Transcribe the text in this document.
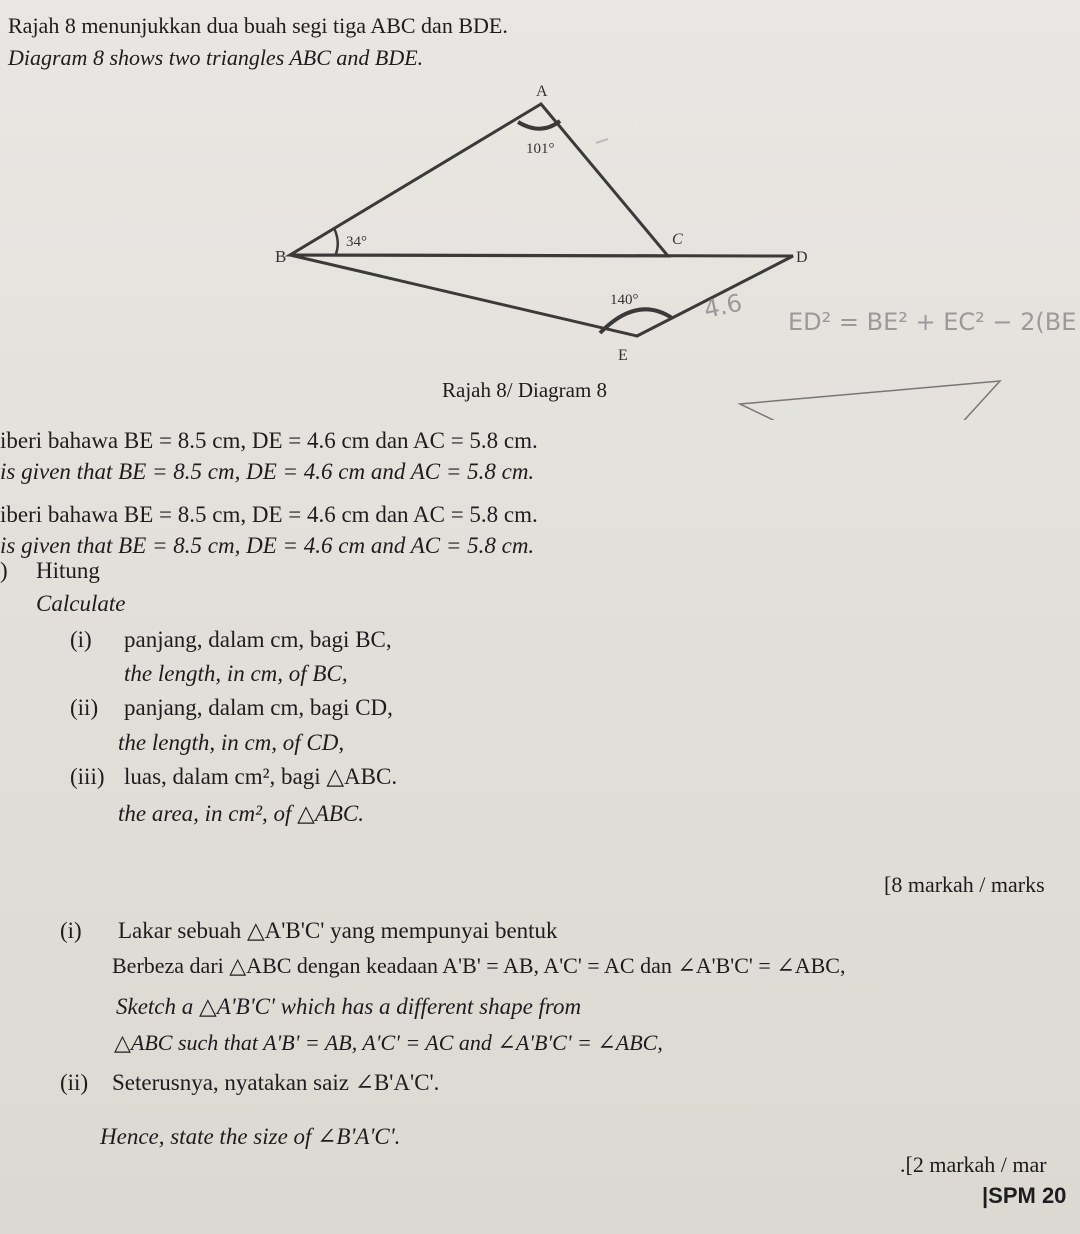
Rajah 8 menunjukkan dua buah segi tiga ABC dan BDE.
Diagram 8 shows two triangles ABC and BDE.
A
B
C
D
E
101°
34°
140°	4.6 ED² = BE² + EC² − 2(BE
Rajah 8/ Diagram 8
iberi bahawa BE = 8.5 cm, DE = 4.6 cm dan AC = 5.8 cm.
is given that BE = 8.5 cm, DE = 4.6 cm and AC = 5.8 cm.
iberi bahawa BE = 8.5 cm, DE = 4.6 cm dan AC = 5.8 cm.
is given that BE = 8.5 cm, DE = 4.6 cm and AC = 5.8 cm.
) Hitung
Calculate
(i) panjang, dalam cm, bagi BC,
the length, in cm, of BC,
(ii) panjang, dalam cm, bagi CD,
the length, in cm, of CD,
(iii) luas, dalam cm², bagi △ABC.
the area, in cm², of △ABC.
[8 markah / marks
(i) Lakar sebuah △A'B'C' yang mempunyai bentuk
Berbeza dari △ABC dengan keadaan A'B' = AB, A'C' = AC dan ∠A'B'C' = ∠ABC,
Sketch a △A'B'C' which has a different shape from
△ABC such that A'B' = AB, A'C' = AC and ∠A'B'C' = ∠ABC,
(ii) Seterusnya, nyatakan saiz ∠B'A'C'.
Hence, state the size of ∠B'A'C'.
.[2 markah / mar
|SPM 20
